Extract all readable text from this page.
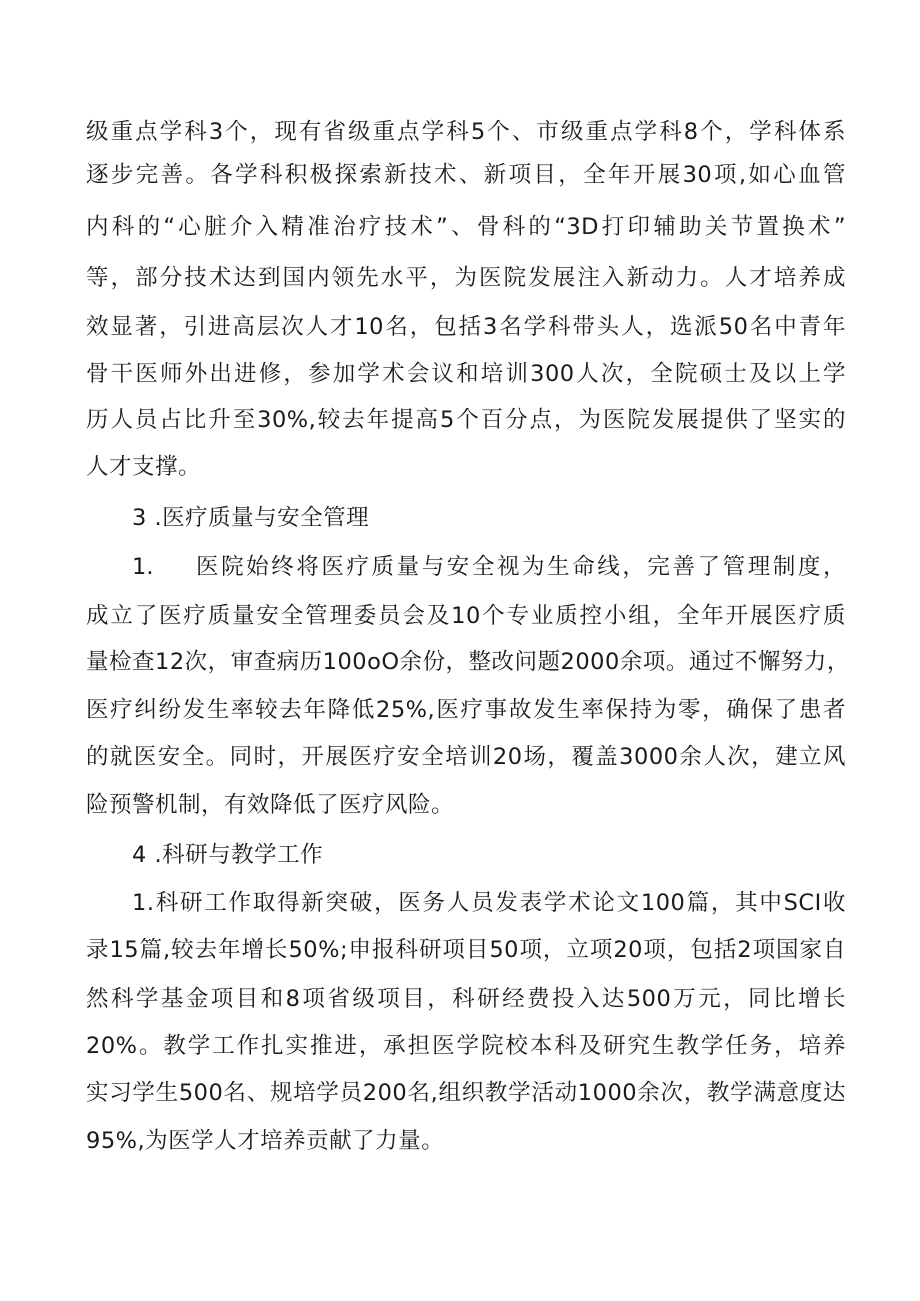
级重点学科3个，现有省级重点学科5个、市级重点学科8个，学科体系
逐步完善。各学科积极探索新技术、新项目，全年开展30项,如心血管
内科的“心脏介入精准治疗技术”、骨科的“3D打印辅助关节置换术”
等，部分技术达到国内领先水平，为医院发展注入新动力。人才培养成
效显著，引进高层次人才10名，包括3名学科带头人，选派50名中青年
骨干医师外出进修，参加学术会议和培训300人次，全院硕士及以上学
历人员占比升至30%,较去年提高5个百分点，为医院发展提供了坚实的
人才支撑。
3 .医疗质量与安全管理
1. 医院始终将医疗质量与安全视为生命线，完善了管理制度，
成立了医疗质量安全管理委员会及10个专业质控小组，全年开展医疗质
量检查12次，审查病历100oO余份，整改问题2000余项。通过不懈努力，
医疗纠纷发生率较去年降低25%,医疗事故发生率保持为零，确保了患者
的就医安全。同时，开展医疗安全培训20场，覆盖3000余人次，建立风
险预警机制，有效降低了医疗风险。
4 .科研与教学工作
1.科研工作取得新突破，医务人员发表学术论文100篇，其中SCI收
录15篇,较去年增长50%;申报科研项目50项，立项20项，包括2项国家自
然科学基金项目和8项省级项目，科研经费投入达500万元，同比增长
20%。教学工作扎实推进，承担医学院校本科及研究生教学任务，培养
实习学生500名、规培学员200名,组织教学活动1000余次，教学满意度达
95%,为医学人才培养贡献了力量。
